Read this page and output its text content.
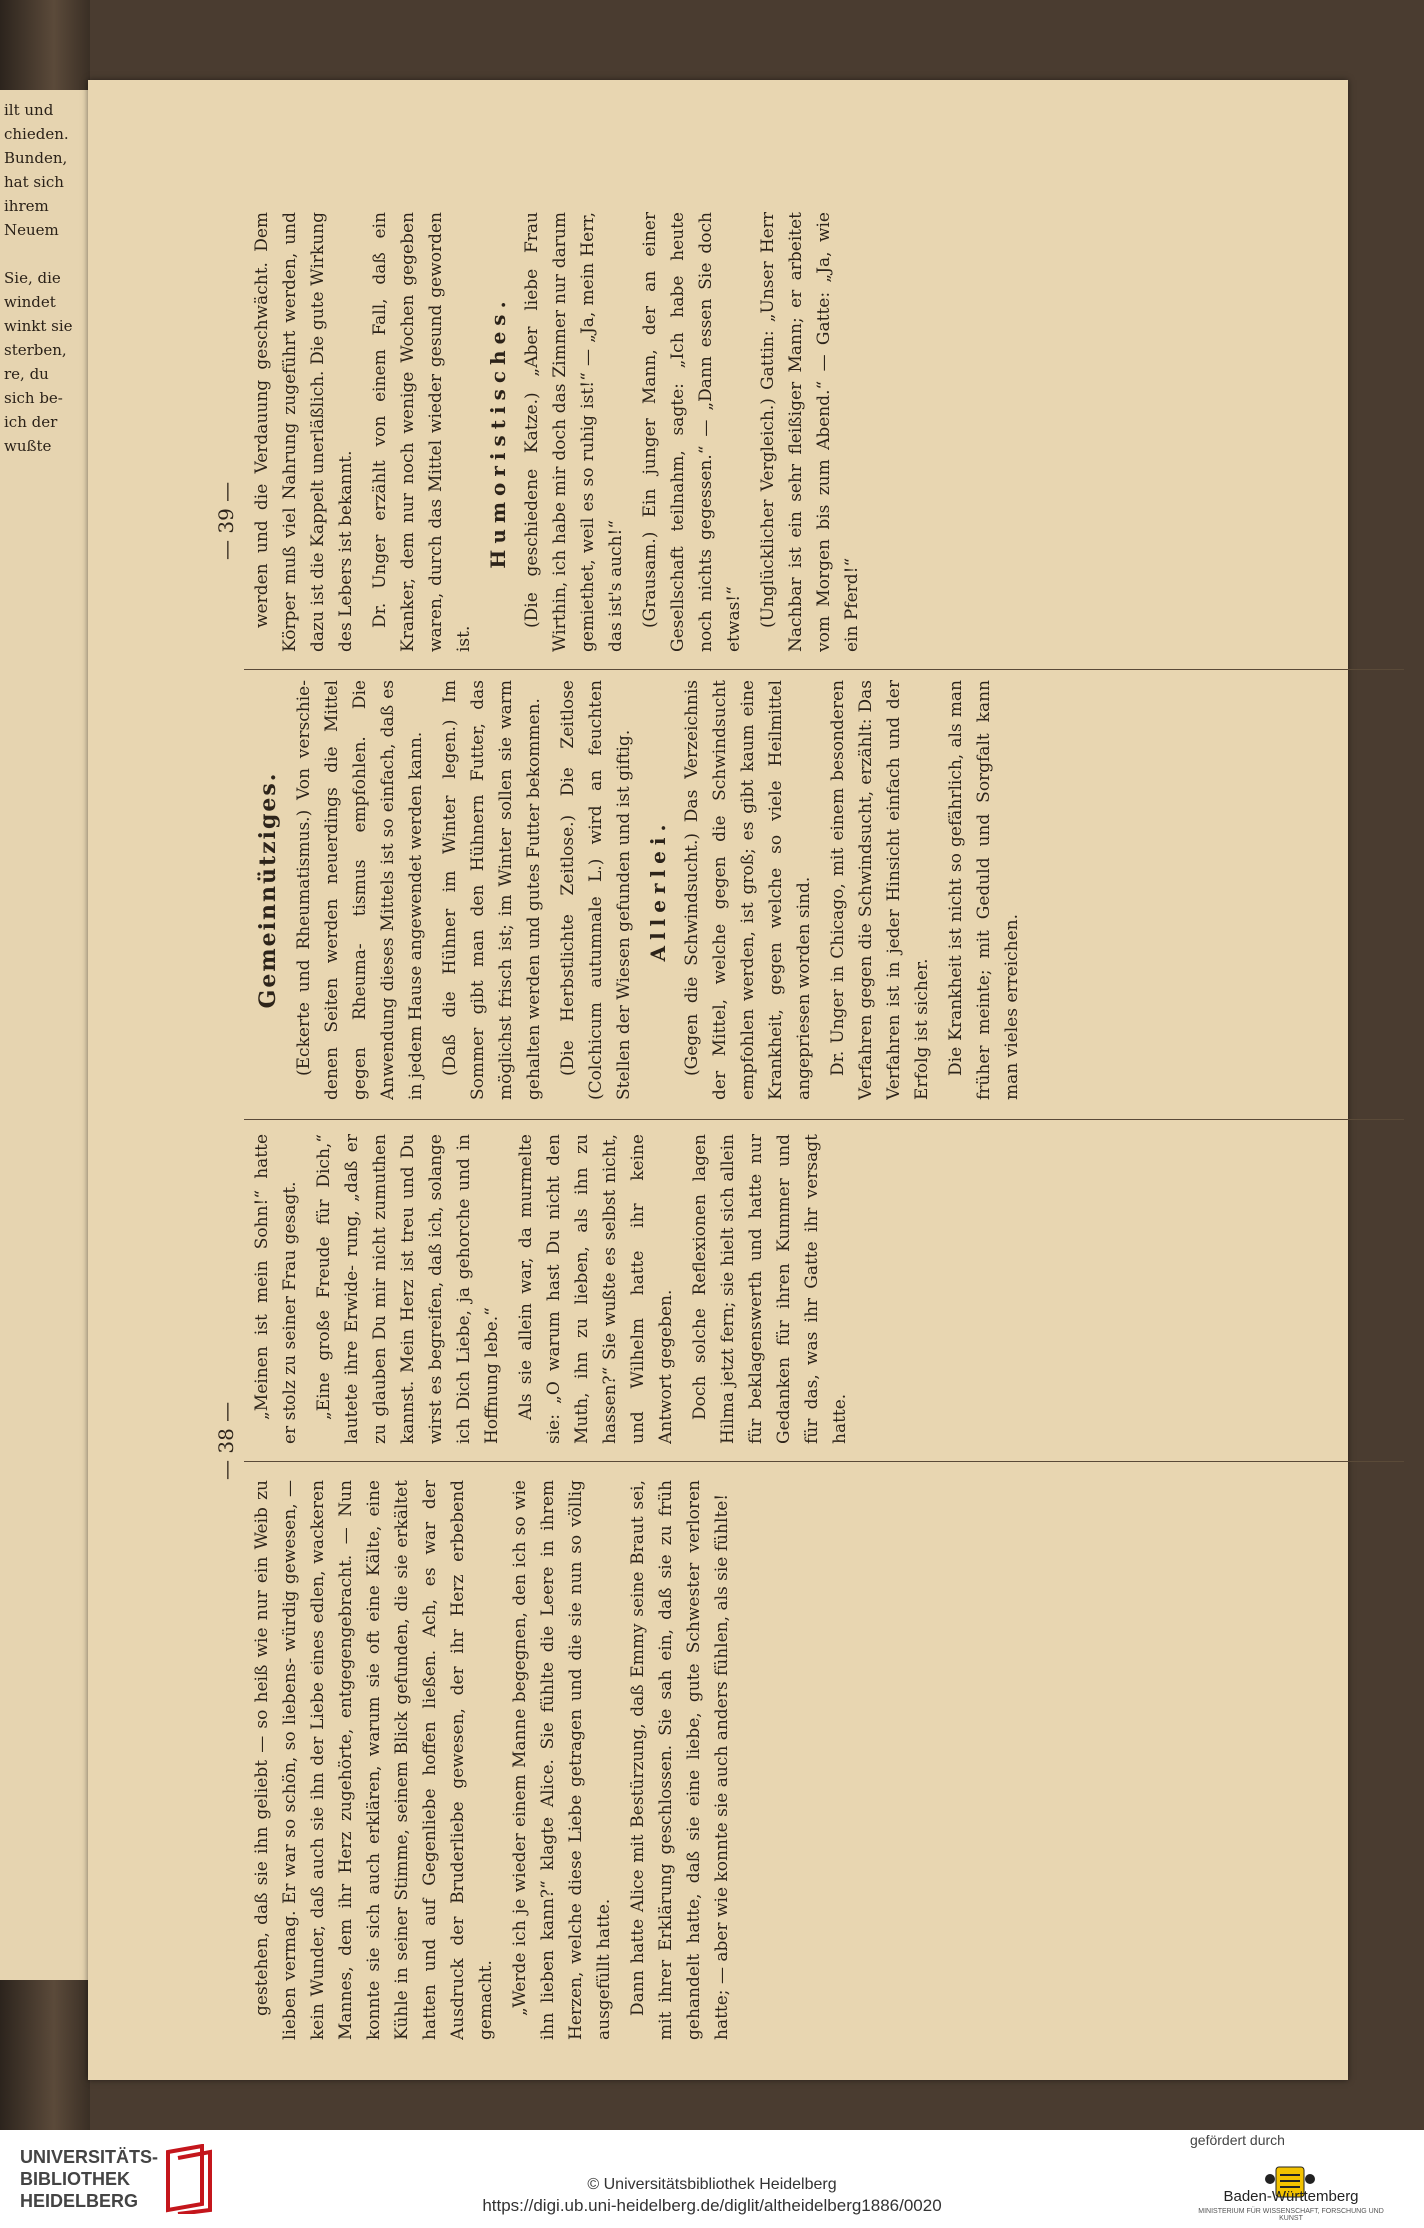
ilt und
chieden.
Bunden,
hat sich
ihrem
Neuem
Sie, die
windet
winkt sie
sterben,
re, du
sich be-
ich der
wußte
— 38 —
— 39 —

gestehen, daß sie ihn geliebt — so heiß wie nur ein Weib zu lieben vermag. Er war so schön, so liebens- würdig gewesen, — kein Wunder, daß auch sie ihn der Liebe eines edlen, wackeren Mannes, dem ihr Herz zugehörte, entgegengebracht. — Nun konnte sie sich auch erklären, warum sie oft eine Kälte, eine Kühle in seiner Stimme, seinem Blick gefunden, die sie erkältet hatten und auf Gegenliebe hoffen ließen. Ach, es war der Ausdruck der Bruderliebe gewesen, der ihr Herz erbebend gemacht. „Werde ich je wieder einem Manne begegnen, den ich so wie ihn lieben kann?“ klagte Alice. Sie fühlte die Leere in ihrem Herzen, welche diese Liebe getragen und die sie nun so völlig ausgefüllt hatte. Dann hatte Alice mit Bestürzung, daß Emmy seine Braut sei, mit ihrer Erklärung geschlossen. Sie sah ein, daß sie zu früh gehandelt hatte, daß sie eine liebe, gute Schwester verloren hatte; — aber wie konnte sie auch anders fühlen, als sie fühlte!

„Meinen ist mein Sohn!“ hatte er stolz zu seiner Frau gesagt. „Eine große Freude für Dich,“ lautete ihre Erwide- rung, „daß er zu glauben Du mir nicht zumuthen kannst. Mein Herz ist treu und Du wirst es begreifen, daß ich, solange ich Dich Liebe, ja gehorche und in Hoffnung lebe.“ Als sie allein war, da murmelte sie: „O warum hast Du nicht den Muth, ihn zu lieben, als ihn zu hassen?“ Sie wußte es selbst nicht, und Wilhelm hatte ihr keine Antwort gegeben. Doch solche Reflexionen lagen Hilma jetzt fern; sie hielt sich allein für beklagenswerth und hatte nur Gedanken für ihren Kummer und für das, was ihr Gatte ihr versagt hatte.

Gemeinnütziges. (Eckerte und Rheumatismus.) Von verschie- denen Seiten werden neuerdings die Mittel gegen Rheuma- tismus empfohlen. Die Anwendung dieses Mittels ist so einfach, daß es in jedem Hause angewendet werden kann. (Daß die Hühner im Winter legen.) Im Sommer gibt man den Hühnern Futter, das möglichst frisch ist; im Winter sollen sie warm gehalten werden und gutes Futter bekommen. (Die Herbstlichte Zeitlose.) Die Zeitlose (Colchicum autumnale L.) wird an feuchten Stellen der Wiesen gefunden und ist giftig. Allerlei. (Gegen die Schwindsucht.) Das Verzeichnis der Mittel, welche gegen die Schwindsucht empfohlen werden, ist groß; es gibt kaum eine Krankheit, gegen welche so viele Heilmittel angepriesen worden sind. Dr. Unger in Chicago, mit einem besonderen Verfahren gegen die Schwindsucht, erzählt: Das Verfahren ist in jeder Hinsicht einfach und der Erfolg ist sicher. Die Krankheit ist nicht so gefährlich, als man früher meinte; mit Geduld und Sorgfalt kann man vieles erreichen.

werden und die Verdauung geschwächt. Dem Körper muß viel Nahrung zugeführt werden, und dazu ist die Kappelt unerläßlich. Die gute Wirkung des Lebers ist bekannt. Dr. Unger erzählt von einem Fall, daß ein Kranker, dem nur noch wenige Wochen gegeben waren, durch das Mittel wieder gesund geworden ist.

Humoristisches. (Die geschiedene Katze.) „Aber liebe Frau Wirthin, ich habe mir doch das Zimmer nur darum gemiethet, weil es so ruhig ist!“ — „Ja, mein Herr, das ist's auch!“ (Grausam.) Ein junger Mann, der an einer Gesellschaft teilnahm, sagte: „Ich habe heute noch nichts gegessen.“ — „Dann essen Sie doch etwas!“ (Unglücklicher Vergleich.) Gattin: „Unser Herr Nachbar ist ein sehr fleißiger Mann; er arbeitet vom Morgen bis zum Abend.“ — Gatte: „Ja, wie ein Pferd!“

UNIVERSITÄTS-
BIBLIOTHEK
HEIDELBERG
© Universitätsbibliothek Heidelberg
https://digi.ub.uni-heidelberg.de/diglit/altheidelberg1886/0020
gefördert durch
Baden-Württemberg
MINISTERIUM FÜR WISSENSCHAFT, FORSCHUNG UND KUNST
